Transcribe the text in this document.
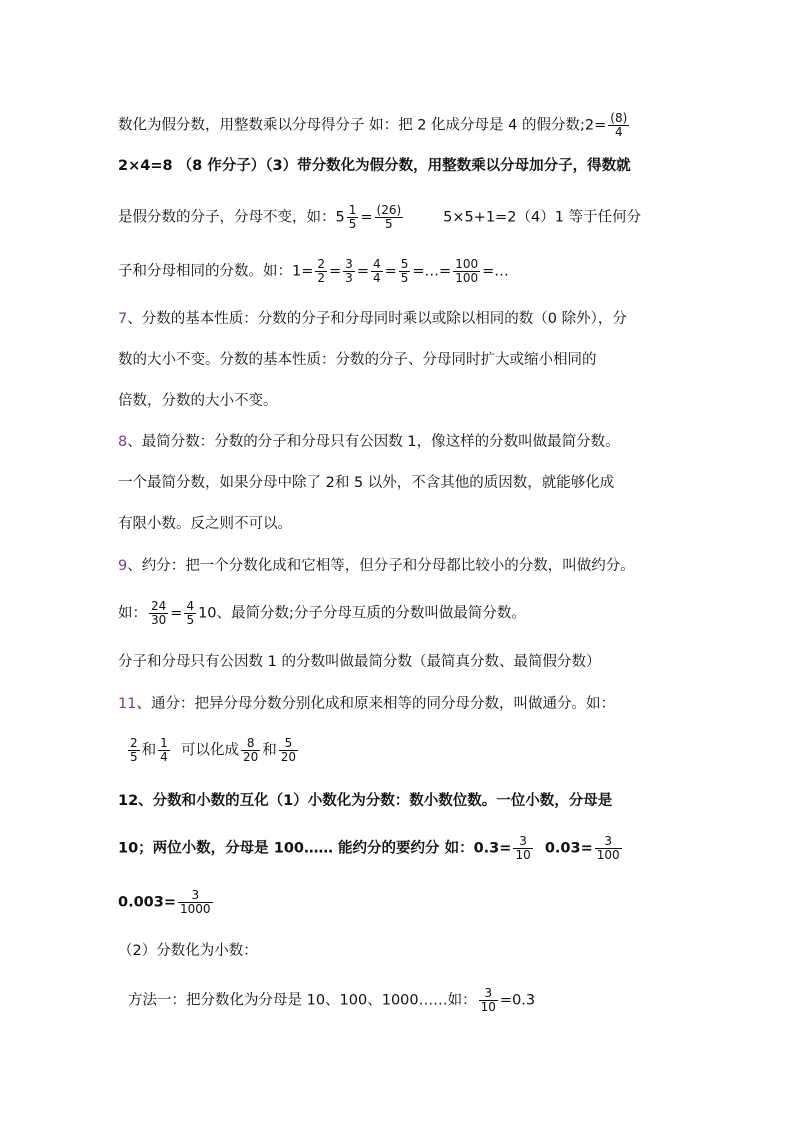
数化为假分数，用整数乘以分母得分子 如：把 2 化成分母是 4 的假分数;2= $\frac{(8)}{4}$
2×4=8 （8 作分子）（3）带分数化为假分数，用整数乘以分母加分子，得数就
是假分数的分子，分母不变，如：$5 \frac{1}{5} = \frac{(26)}{5}$	5×5+1=2（4）1 等于任何分
子和分母相同的分数。如：$1= \frac{2}{2} = \frac{3}{3} = \frac{4}{4} = \frac{5}{5}$ =…= $\frac{100}{100}$ =…
7、分数的基本性质：分数的分子和分母同时乘以或除以相同的数（0 除外），分
数的大小不变。分数的基本性质：分数的分子、分母同时扩大或缩小相同的
倍数，分数的大小不变。
8、最简分数：分数的分子和分母只有公因数 1，像这样的分数叫做最简分数。
一个最简分数，如果分母中除了 2和 5 以外，不含其他的质因数，就能够化成
有限小数。反之则不可以。
9、约分：把一个分数化成和它相等，但分子和分母都比较小的分数，叫做约分。
如： $\frac{24}{30} = \frac{4}{5} 10$、最简分数;分子分母互质的分数叫做最简分数。
分子和分母只有公因数 1 的分数叫做最简分数（最简真分数、最简假分数）
11、通分：把异分母分数分别化成和原来相等的同分母分数，叫做通分。如：
$\frac{2}{5}$ 和 $\frac{1}{4}$ 可以化成 $\frac{8}{20}$ 和 $\frac{5}{20}$
12、分数和小数的互化（1）小数化为分数：数小数位数。一位小数，分母是
10；两位小数，分母是 100…… 能约分的要约分 如：$0.3= \frac{3}{10} 0.03= \frac{3}{100}$
$0.003= \frac{3}{1000}$
（2）分数化为小数：
方法一：把分数化为分母是 10、100、1000……如： $\frac{3}{10} =0.3$
